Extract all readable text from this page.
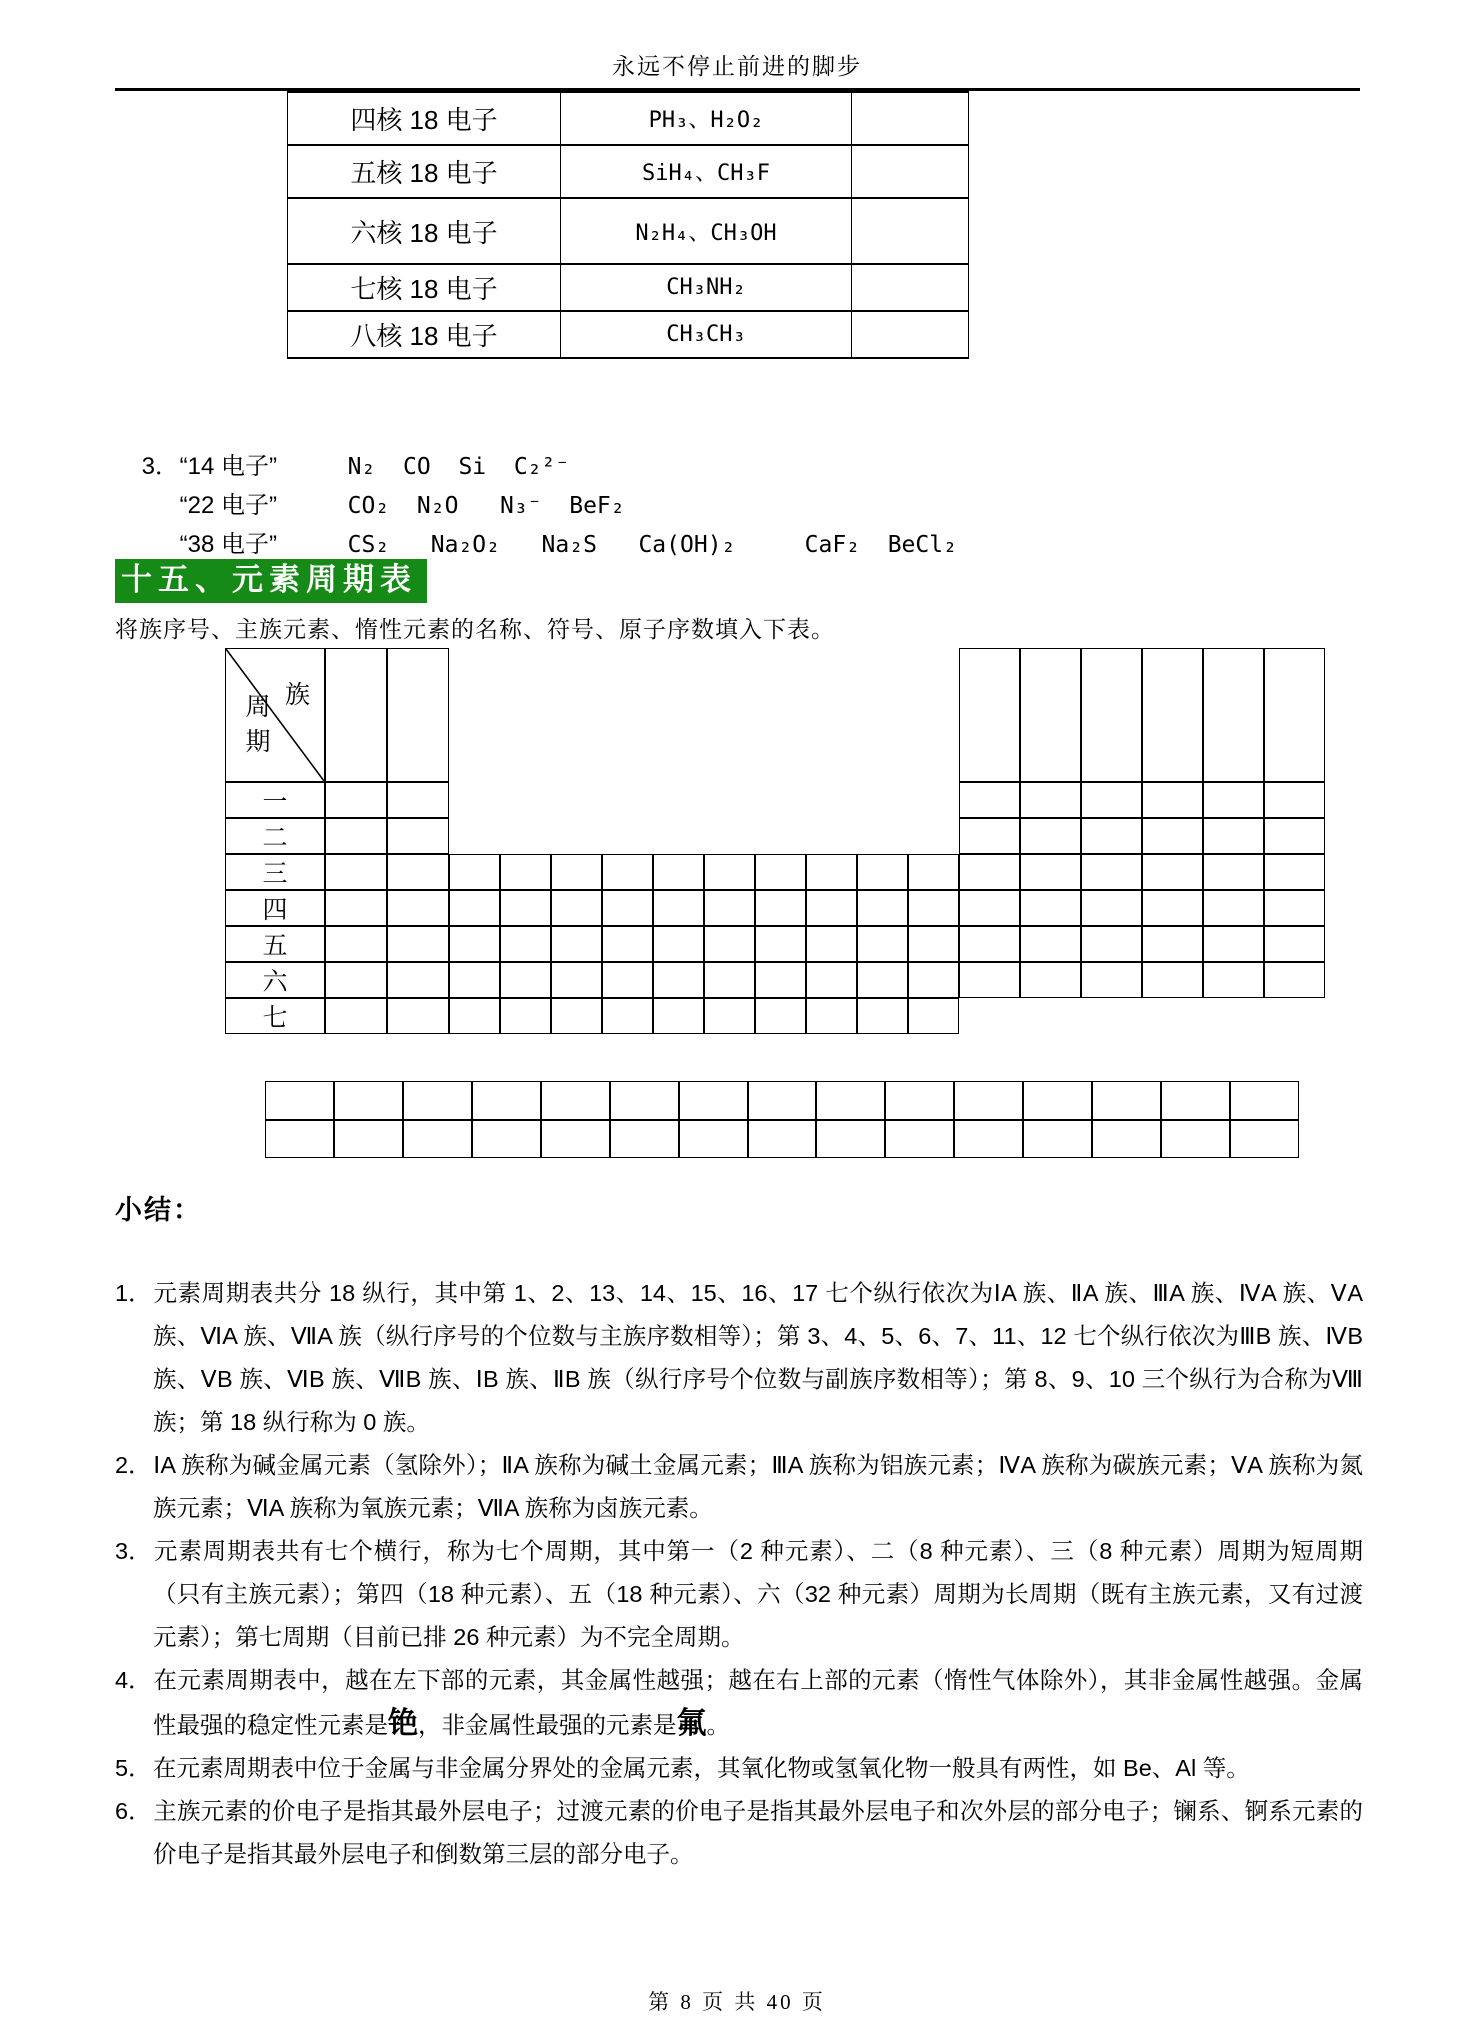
永远不停止前进的脚步
四核 18 电子	PH₃、H₂O₂	
五核 18 电子	SiH₄、CH₃F	
六核 18 电子	N₂H₄、CH₃OH	
七核 18 电子	CH₃NH₂	
八核 18 电子	CH₃CH₃	

3．“14 电子”	N₂  CO  Si  C₂²⁻

“22 电子”	CO₂  N₂O   N₃⁻  BeF₂

“38 电子”	CS₂   Na₂O₂   Na₂S   Ca(OH)₂     CaF₂  BeCl₂

十五、元素周期表
将族序号、主族元素、惰性元素的名称、符号、原子序数填入下表。
族
周期
一
二
三
四
五
六
七
小结：
1．元素周期表共分 18 纵行，其中第 1、2、13、14、15、16、17 七个纵行依次为ⅠA 族、ⅡA 族、ⅢA 族、ⅣA 族、ⅤA 族、ⅥA 族、ⅦA 族（纵行序号的个位数与主族序数相等）；第 3、4、5、6、7、11、12 七个纵行依次为ⅢB 族、ⅣB 族、ⅤB 族、ⅥB 族、ⅦB 族、ⅠB 族、ⅡB 族（纵行序号个位数与副族序数相等）；第 8、9、10 三个纵行为合称为Ⅷ族；第 18 纵行称为 0 族。
2．ⅠA 族称为碱金属元素（氢除外）；ⅡA 族称为碱土金属元素；ⅢA 族称为铝族元素；ⅣA 族称为碳族元素；ⅤA 族称为氮族元素；ⅥA 族称为氧族元素；ⅦA 族称为卤族元素。
3．元素周期表共有七个横行，称为七个周期，其中第一（2 种元素）、二（8 种元素）、三（8 种元素）周期为短周期（只有主族元素）；第四（18 种元素）、五（18 种元素）、六（32 种元素）周期为长周期（既有主族元素，又有过渡元素）；第七周期（目前已排 26 种元素）为不完全周期。
4．在元素周期表中，越在左下部的元素，其金属性越强；越在右上部的元素（惰性气体除外），其非金属性越强。金属性最强的稳定性元素是铯，非金属性最强的元素是氟。
5．在元素周期表中位于金属与非金属分界处的金属元素，其氧化物或氢氧化物一般具有两性，如 Be、Al 等。
6．主族元素的价电子是指其最外层电子；过渡元素的价电子是指其最外层电子和次外层的部分电子；镧系、锕系元素的价电子是指其最外层电子和倒数第三层的部分电子。
第 8 页 共 40 页
